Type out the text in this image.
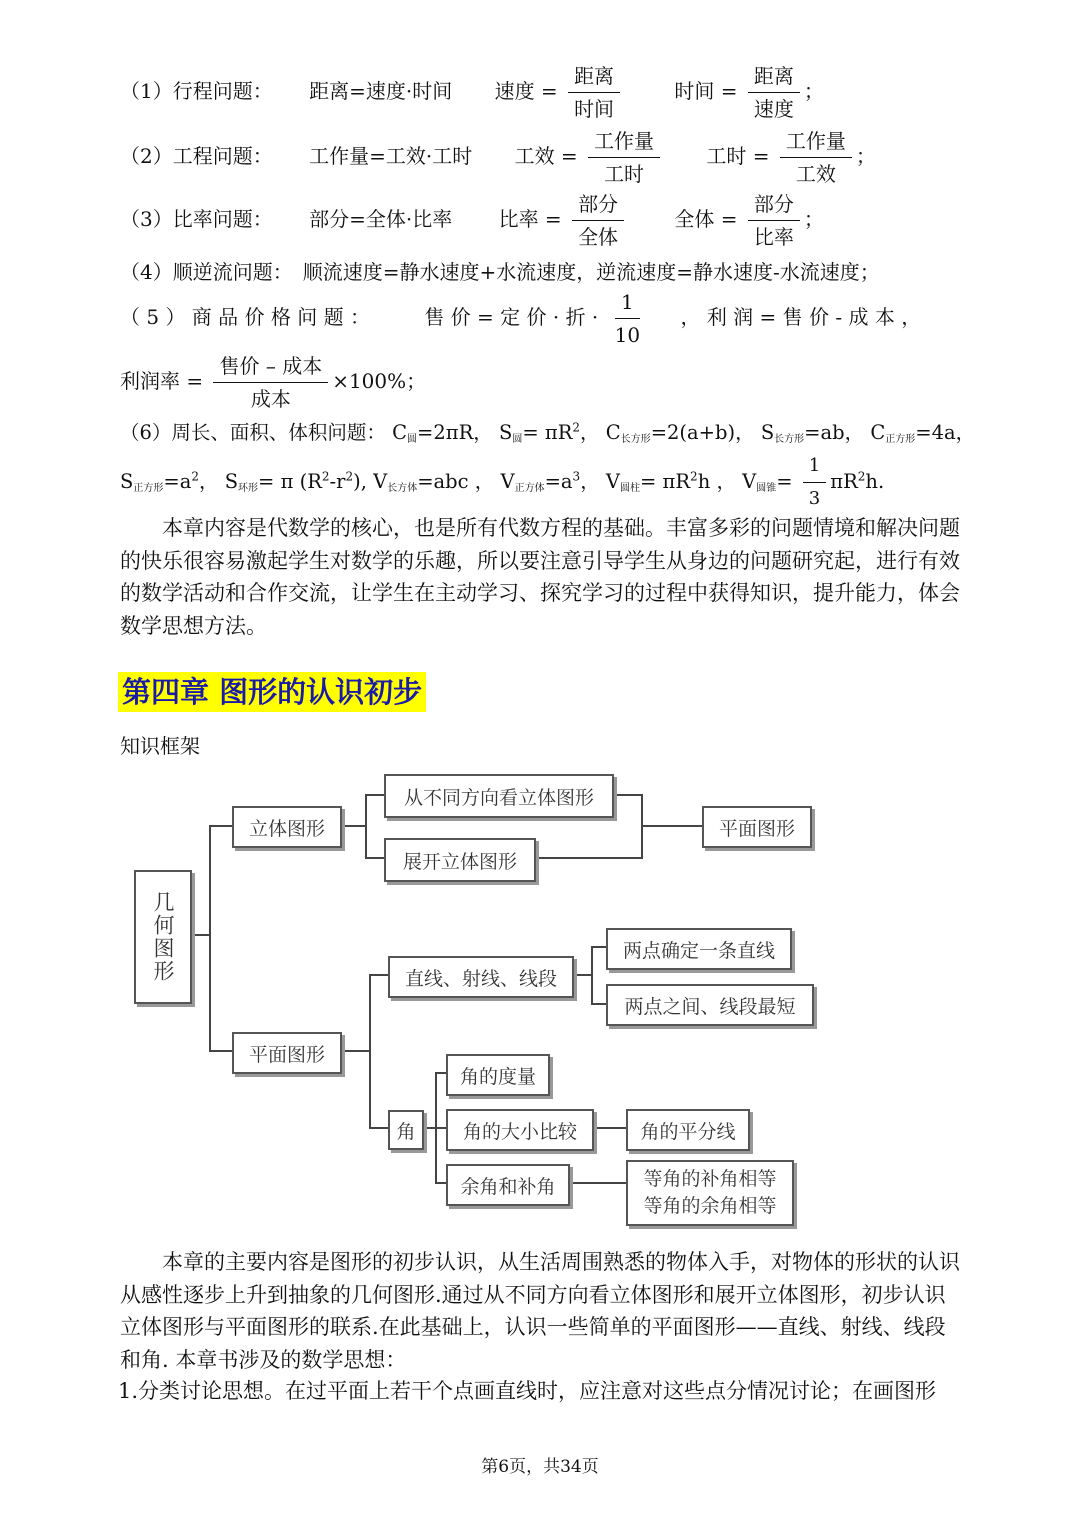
（1）行程问题： 距离=速度·时间 速度 = $\frac{\text{距离}}{\text{时间}}$	时间 = $\frac{\text{距离}}{\text{速度}}$ ；
（2）工程问题： 工作量=工效·工时 工效 = $\frac{\text{工作量}}{\text{工时}}$ 工时 = $\frac{\text{工作量}}{\text{工效}}$ ；
（3）比率问题： 部分=全体·比率 比率 = $\frac{\text{部分}}{\text{全体}}$	全体 = $\frac{\text{部分}}{\text{比率}}$ ；
（4）顺逆流问题：　顺流速度=静水速度+水流速度，逆流速度=静水速度-水流速度；
（ 5 ） 商 品 价 格 问 题 ：	售 价 = 定 价 · 折 · $\frac{1}{10}$ ， 利 润 = 售 价 - 成 本 ，
利润率 = $\frac{\text{售价 – 成本}}{\text{成本}} \times 100\%$；
（6）周长、面积、体积问题： $C_圆=2\pi R$， $S_圆= \pi R^2$， $C_{长方形}=2(a+b)$， $S_{长方形}=ab$， $C_{正方形}=4a$，
$S_{正方形}=a^2$， $S_{环形}= \pi$ $(R^2-r^2)$, $V_{长方体}=abc$ ， $V_{正方体}=a^3$， $V_{圆柱}= \pi R^2h$ ， $V_{圆锥}= \frac{1}{3} \pi R^2h$.
　　本章内容是代数学的核心，也是所有代数方程的基础。丰富多彩的问题情境和解决问题的快乐很容易激起学生对数学的乐趣，所以要注意引导学生从身边的问题研究起，进行有效的数学活动和合作交流，让学生在主动学习、探究学习的过程中获得知识，提升能力，体会数学思想方法。
第四章 图形的认识初步
知识框架
几何图形
立体图形
从不同方向看立体图形
展开立体图形
平面图形
平面图形
直线、射线、线段
两点确定一条直线
两点之间、线段最短
角
角的度量
角的大小比较	角的平分线
余角和补角	等角的补角相等
等角的余角相等
　　本章的主要内容是图形的初步认识，从生活周围熟悉的物体入手，对物体的形状的认识从感性逐步上升到抽象的几何图形.通过从不同方向看立体图形和展开立体图形，初步认识立体图形与平面图形的联系.在此基础上，认识一些简单的平面图形——直线、射线、线段和角. 本章书涉及的数学思想：
1.分类讨论思想。在过平面上若干个点画直线时，应注意对这些点分情况讨论；在画图形
第6页，共34页
